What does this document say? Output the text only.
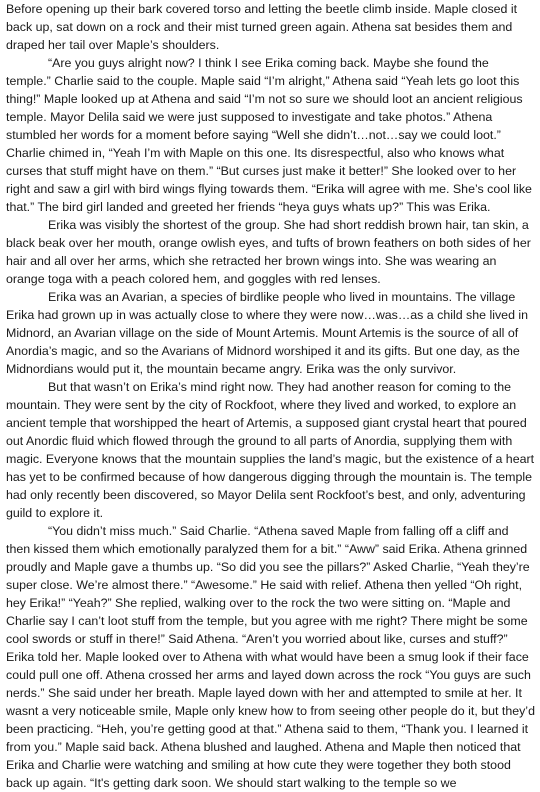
Before opening up their bark covered torso and letting the beetle climb inside. Maple closed it back up, sat down on a rock and their mist turned green again. Athena sat besides them and draped her tail over Maple’s shoulders.

“Are you guys alright now? I think I see Erika coming back. Maybe she found the temple.” Charlie said to the couple. Maple said “I’m alright,” Athena said “Yeah lets go loot this thing!” Maple looked up at Athena and said “I’m not so sure we should loot an ancient religious temple. Mayor Delila said we were just supposed to investigate and take photos.” Athena stumbled her words for a moment before saying “Well she didn’t…not…say we could loot.” Charlie chimed in, “Yeah I’m with Maple on this one. Its disrespectful, also who knows what curses that stuff might have on them.” “But curses just make it better!” She looked over to her right and saw a girl with bird wings flying towards them. “Erika will agree with me. She’s cool like that.” The bird girl landed and greeted her friends “heya guys whats up?” This was Erika.

Erika was visibly the shortest of the group. She had short reddish brown hair, tan skin, a black beak over her mouth, orange owlish eyes, and tufts of brown feathers on both sides of her hair and all over her arms, which she retracted her brown wings into. She was wearing an orange toga with a peach colored hem, and goggles with red lenses.

Erika was an Avarian, a species of birdlike people who lived in mountains. The village Erika had grown up in was actually close to where they were now…was…as a child she lived in Midnord, an Avarian village on the side of Mount Artemis. Mount Artemis is the source of all of Anordia’s magic, and so the Avarians of Midnord worshiped it and its gifts. But one day, as the Midnordians would put it, the mountain became angry. Erika was the only survivor.

But that wasn’t on Erika’s mind right now. They had another reason for coming to the mountain. They were sent by the city of Rockfoot, where they lived and worked, to explore an ancient temple that worshipped the heart of Artemis, a supposed giant crystal heart that poured out Anordic fluid which flowed through the ground to all parts of Anordia, supplying them with magic. Everyone knows that the mountain supplies the land’s magic, but the existence of a heart has yet to be confirmed because of how dangerous digging through the mountain is. The temple had only recently been discovered, so Mayor Delila sent Rockfoot’s best, and only, adventuring guild to explore it.

“You didn’t miss much.” Said Charlie. “Athena saved Maple from falling off a cliff and then kissed them which emotionally paralyzed them for a bit.” “Aww” said Erika. Athena grinned proudly and Maple gave a thumbs up. “So did you see the pillars?” Asked Charlie, “Yeah they’re super close. We’re almost there.” “Awesome.” He said with relief. Athena then yelled “Oh right, hey Erika!” “Yeah?” She replied, walking over to the rock the two were sitting on. “Maple and Charlie say I can’t loot stuff from the temple, but you agree with me right? There might be some cool swords or stuff in there!” Said Athena. “Aren’t you worried about like, curses and stuff?” Erika told her. Maple looked over to Athena with what would have been a smug look if their face could pull one off. Athena crossed her arms and layed down across the rock “You guys are such nerds.” She said under her breath. Maple layed down with her and attempted to smile at her. It wasnt a very noticeable smile, Maple only knew how to from seeing other people do it, but they’d been practicing. “Heh, you’re getting good at that.” Athena said to them, “Thank you. I learned it from you.” Maple said back. Athena blushed and laughed. Athena and Maple then noticed that Erika and Charlie were watching and smiling at how cute they were together they both stood back up again. “It's getting dark soon. We should start walking to the temple so we
